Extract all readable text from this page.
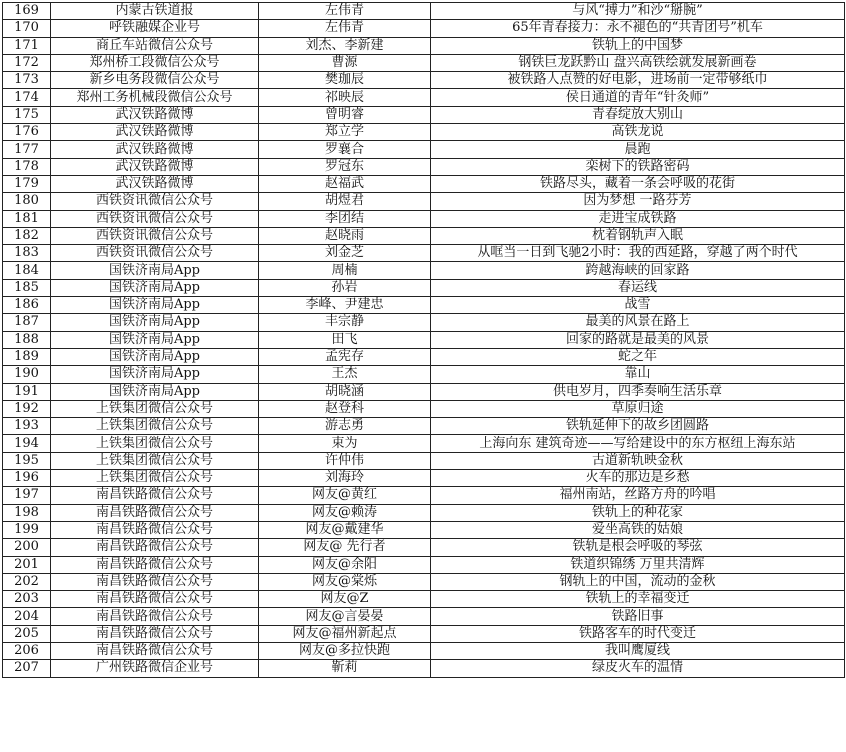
169	内蒙古铁道报	左伟青	与风“搏力”和沙“掰腕”
170	呼铁融媒企业号	左伟青	65年青春接力：永不褪色的“共青团号”机车
171	商丘车站微信公众号	刘杰、李新建	铁轨上的中国梦
172	郑州桥工段微信公众号	曹源	钢铁巨龙跃黔山 盘兴高铁绘就发展新画卷
173	新乡电务段微信公众号	樊珈辰	被铁路人点赞的好电影，进场前一定带够纸巾
174	郑州工务机械段微信公众号	祁映辰	侯日通道的青年“针灸师”
175	武汉铁路微博	曾明睿	青春绽放大别山
176	武汉铁路微博	郑立学	高铁龙说
177	武汉铁路微博	罗襄合	晨跑
178	武汉铁路微博	罗冠东	栾树下的铁路密码
179	武汉铁路微博	赵福武	铁路尽头，藏着一条会呼吸的花街
180	西铁资讯微信公众号	胡煜君	因为梦想 一路芬芳
181	西铁资讯微信公众号	李团结	走进宝成铁路
182	西铁资讯微信公众号	赵晓雨	枕着钢轨声入眠
183	西铁资讯微信公众号	刘金芝	从哐当一日到飞驰2小时：我的西延路，穿越了两个时代
184	国铁济南局App	周楠	跨越海峡的回家路
185	国铁济南局App	孙岩	春运线
186	国铁济南局App	李峰、尹建忠	战雪
187	国铁济南局App	丰宗静	最美的风景在路上
188	国铁济南局App	田飞	回家的路就是最美的风景
189	国铁济南局App	孟宪存	蛇之年
190	国铁济南局App	王杰	靠山
191	国铁济南局App	胡晓涵	供电岁月，四季奏响生活乐章
192	上铁集团微信公众号	赵登科	草原归途
193	上铁集团微信公众号	游志勇	铁轨延伸下的故乡团圆路
194	上铁集团微信公众号	束为	上海向东 建筑奇迹——写给建设中的东方枢纽上海东站
195	上铁集团微信公众号	许仲伟	古道新轨映金秋
196	上铁集团微信公众号	刘海玲	火车的那边是乡愁
197	南昌铁路微信公众号	网友@黄红	福州南站，丝路方舟的吟唱
198	南昌铁路微信公众号	网友@赖涛	铁轨上的种花家
199	南昌铁路微信公众号	网友@戴建华	爱坐高铁的姑娘
200	南昌铁路微信公众号	网友@ 先行者	铁轨是根会呼吸的琴弦
201	南昌铁路微信公众号	网友@余阳	铁道织锦绣 万里共清辉
202	南昌铁路微信公众号	网友@棠烁	钢轨上的中国，流动的金秋
203	南昌铁路微信公众号	网友@Z	铁轨上的幸福变迁
204	南昌铁路微信公众号	网友@言晏晏	铁路旧事
205	南昌铁路微信公众号	网友@福州新起点	铁路客车的时代变迁
206	南昌铁路微信公众号	网友@多拉快跑	我叫鹰厦线
207	广州铁路微信企业号	靳莉	绿皮火车的温情
